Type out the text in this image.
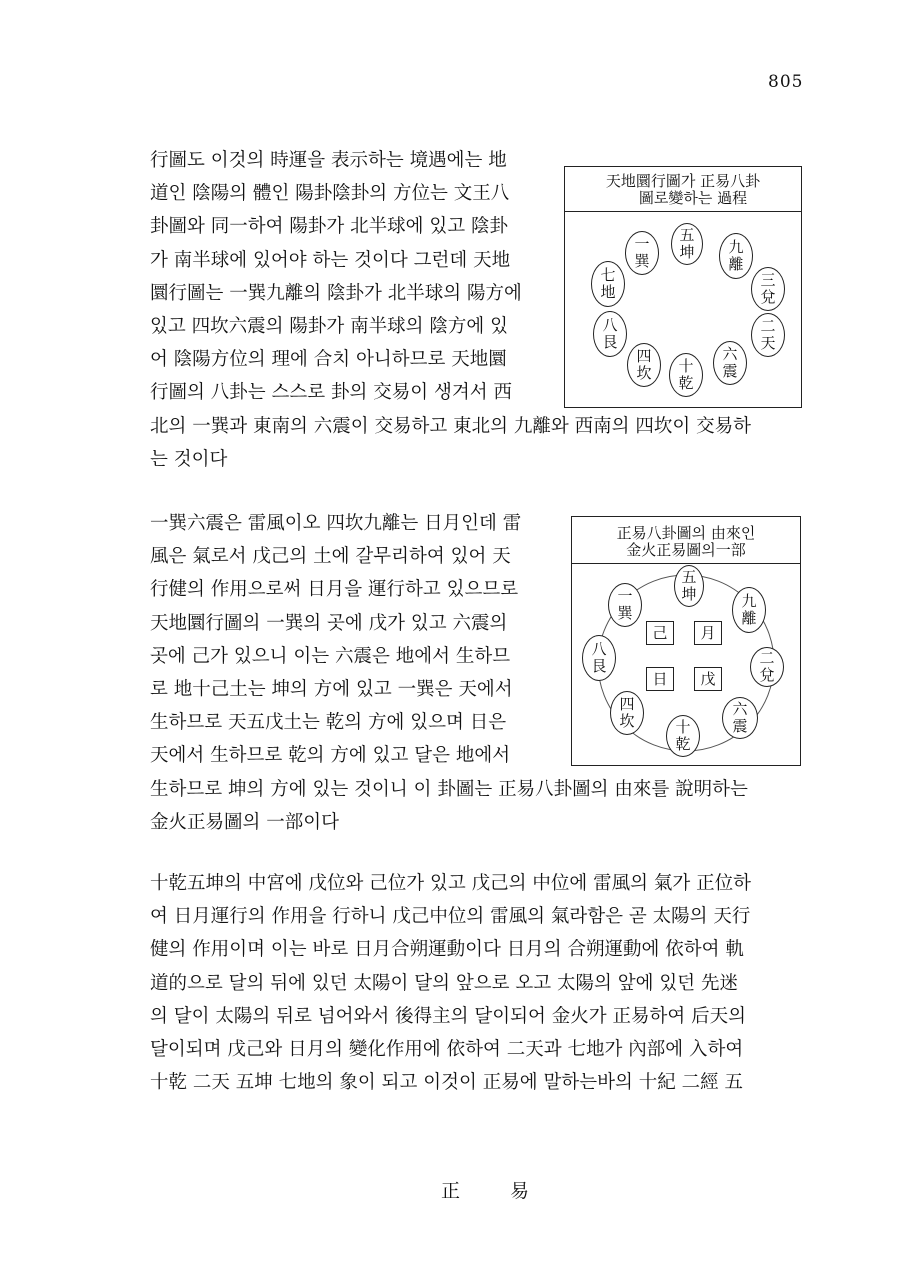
805
行圖도 이것의 時運을 表示하는 境遇에는 地
道인 陰陽의 體인 陽卦陰卦의 方位는 文王八
卦圖와 同一하여 陽卦가 北半球에 있고 陰卦
가 南半球에 있어야 하는 것이다 그런데 天地
圜行圖는 一巽九離의 陰卦가 北半球의 陽方에
있고 四坎六震의 陽卦가 南半球의 陰方에 있
어 陰陽方位의 理에 合치 아니하므로 天地圜
行圖의 八卦는 스스로 卦의 交易이 생겨서 西
北의 一巽과 東南의 六震이 交易하고 東北의 九離와 西南의 四坎이 交易하
는 것이다
天地圜行圖가 正易八卦
圖로變하는 過程
五
坤
一
巽
九
離
七
地
三
兌
八
艮
二
天
四
坎 十
乾
六
震
一巽六震은 雷風이오 四坎九離는 日月인데 雷
風은 氣로서 戊己의 土에 갈무리하여 있어 天
行健의 作用으로써 日月을 運行하고 있으므로
天地圜行圖의 一巽의 곳에 戊가 있고 六震의
곳에 己가 있으니 이는 六震은 地에서 生하므
로 地十己土는 坤의 方에 있고 一巽은 天에서
生하므로 天五戊土는 乾의 方에 있으며 日은
天에서 生하므로 乾의 方에 있고 달은 地에서
生하므로 坤의 方에 있는 것이니 이 卦圖는 正易八卦圖의 由來를 說明하는
金火正易圖의 一部이다
正易八卦圖의 由來인
金火正易圖의一部
五
坤
一
巽
九
離
八
艮	二
兌
四
坎
六
震
十
乾
己	月
日	戊
十乾五坤의 中宮에 戊位와 己位가 있고 戊己의 中位에 雷風의 氣가 正位하
여 日月運行의 作用을 行하니 戊己中位의 雷風의 氣라함은 곧 太陽의 天行
健의 作用이며 이는 바로 日月合朔運動이다 日月의 合朔運動에 依하여 軌
道的으로 달의 뒤에 있던 太陽이 달의 앞으로 오고 太陽의 앞에 있던 先迷
의 달이 太陽의 뒤로 넘어와서 後得主의 달이되어 金火가 正易하여 后天의
달이되며 戊己와 日月의 變化作用에 依하여 二天과 七地가 內部에 入하여
十乾 二天 五坤 七地의 象이 되고 이것이 正易에 말하는바의 十紀 二經 五
正 易
